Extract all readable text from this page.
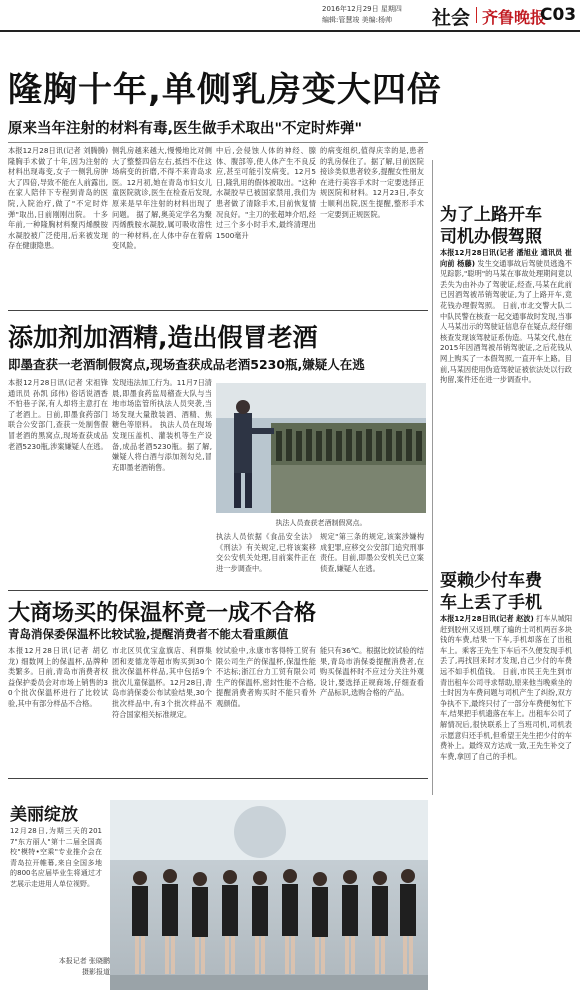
2016年12月29日 星期四
编辑:管慧竣 美编:杨帅 社会 齐鲁晚报
C03
隆胸十年,单侧乳房变大四倍
原来当年注射的材料有毒,医生做手术取出"不定时炸弹"
本报12月28日讯(记者 刘腾腾) 隆胸手术做了十年,因为注射的材料出现毒变,女子一侧乳房肿大了四倍,导致不能在人前露出,在家人陪伴下专程到青岛的医院,入院治疗,做了"不定时炸弹"取出,日前刚刚出院。 十多年前,一种隆胸材料聚丙烯酰胺水凝胶被广泛使用,后来被发现存在健康隐患。
侧乳房越来越大,慢慢地比对侧大了整整四倍左右,抵挡不住这场病变的折磨,不得不来青岛求医。12月初,她在青岛市妇女儿童医院就诊,医生在检查后发现,原来是早年注射的材料出现了问题。 据了解,奥美定学名为聚丙烯酰胺水凝胶,属可吸收溶性的一种材料,在人体中存在着病变风险。
中后,会侵蚀人体的神经、腺体、腹部等,使人体产生不良反应,甚至可能引发病变。12月5日,隆乳用的假体被取出。"这种水凝胶早已被国家禁用,我们为患者做了清除手术,目前恢复情况良好。"主刀的张超坤介绍,经过三个多小时手术,最终清理出1500毫升
的病变组织,值得庆幸的是,患者的乳房保住了。据了解,目前医院接诊类似患者较多,提醒女性朋友在进行美容手术时一定要选择正规医院和材料。12月23日,李女士顺利出院,医生提醒,整形手术一定要到正规医院。	为了上路开车
司机办假驾照
本报12月28日讯(记者 潘旭业 通讯员 崔向前 杨藤) 发生交通事故后驾驶员逃逸不见踪影,"聪明"的马某在事故处理期间竟以丢失为由补办了驾驶证,经查,马某在此前已因酒驾被吊销驾驶证,为了上路开车,竟花钱办理假驾照。 日前,市北交警大队二中队民警在核查一起交通事故时发现,当事人马某出示的驾驶证信息存在疑点,经仔细核查发现该驾驶证系伪造。马某交代,他在2015年因酒驾被吊销驾驶证,之后花钱从网上购买了一本假驾照,一直开车上路。目前,马某因使用伪造驾驶证被依法处以行政拘留,案件还在进一步调查中。
添加剂加酒精,造出假冒老酒
即墨查获一老酒制假窝点,现场查获成品老酒5230瓶,嫌疑人在逃
本报12月28日讯(记者 宋祖锋 通讯员 孙凯 邱伟) 俗话说酒香不怕巷子深,有人却将主意打在了老酒上。日前,即墨食药部门联合公安部门,查获一处制售假冒老酒的黑窝点,现场查获成品老酒5230瓶,涉案嫌疑人在逃。
发现违法加工行为。11月7日清晨,即墨食药监局稽查大队与当地市场监管所执法人员突袭,当场发现大量散装酒、酒精、焦糖色等原料。 执法人员在现场发现压盖机、灌装机等生产设备,成品老酒5230瓶。据了解,嫌疑人将白酒与添加剂勾兑,冒充即墨老酒销售。
执法人员查获老酒制假窝点。
执法人员依据《食品安全法》《刑法》有关规定,已将该案移交公安机关处理,目前案件正在进一步调查中。
规定"第三条的规定,该案涉嫌构成犯罪,应移交公安部门追究刑事责任。目前,即墨公安机关已立案侦查,嫌疑人在逃。
耍赖少付车费
车上丢了手机
本报12月28日讯(记者 赵波) 打车从城阳赶到胶州又返回,嘿了遍的士司机两百多块钱的车费,结果一下车,手机却落在了出租车上。乘客王先生下车后不久便发现手机丢了,再找回来时才发现,自己少付的车费远不如手机值钱。 日前,市民王先生到市青出租车公司寻求帮助,原来他当晚乘坐的士时因为车费问题与司机产生了纠纷,双方争执不下,最终只付了一部分车费便匆忙下车,结果把手机遗落在车上。出租车公司了解情况后,很快联系上了当班司机,司机表示愿意归还手机,但希望王先生把少付的车费补上。最终双方达成一致,王先生补交了车费,拿回了自己的手机。
大商场买的保温杯竟一成不合格
青岛消保委保温杯比较试验,提醒消费者不能太看重颜值
本报12月28日讯(记者 胡亿 龙) 细数网上的保温杯,品牌种类繁多。日前,青岛市消费者权益保护委员会对市场上销售的30个批次保温杯进行了比较试验,其中有部分样品不合格。
市北区贝优宝盒旗店、利群集团和麦德龙等超市购买到30个批次保温杯样品,其中包括9个批次儿童保温杯。12月28日,青岛市消保委公布试验结果,30个批次样品中,有3个批次样品不符合国家相关标准规定。
较试验中,永康市客得特工贸有限公司生产的保温杯,保温性能不达标;浙江台力工贸有限公司生产的保温杯,密封性能不合格,提醒消费者购买时不能只看外观颜值。
能只有36℃。根据比较试验的结果,青岛市消保委提醒消费者,在购买保温杯时不应过分关注外观设计,要选择正规商场,仔细查看产品标识,选购合格的产品。
美丽绽放
12月28日,为期三天的2017"东方丽人"第十二届全国高校"模特•空乘"专业推介会在青岛拉开帷幕,来自全国多地的800名应届毕业生将通过才艺展示走进用人单位视野。
本报记者 张晓鹏
摄影报道
